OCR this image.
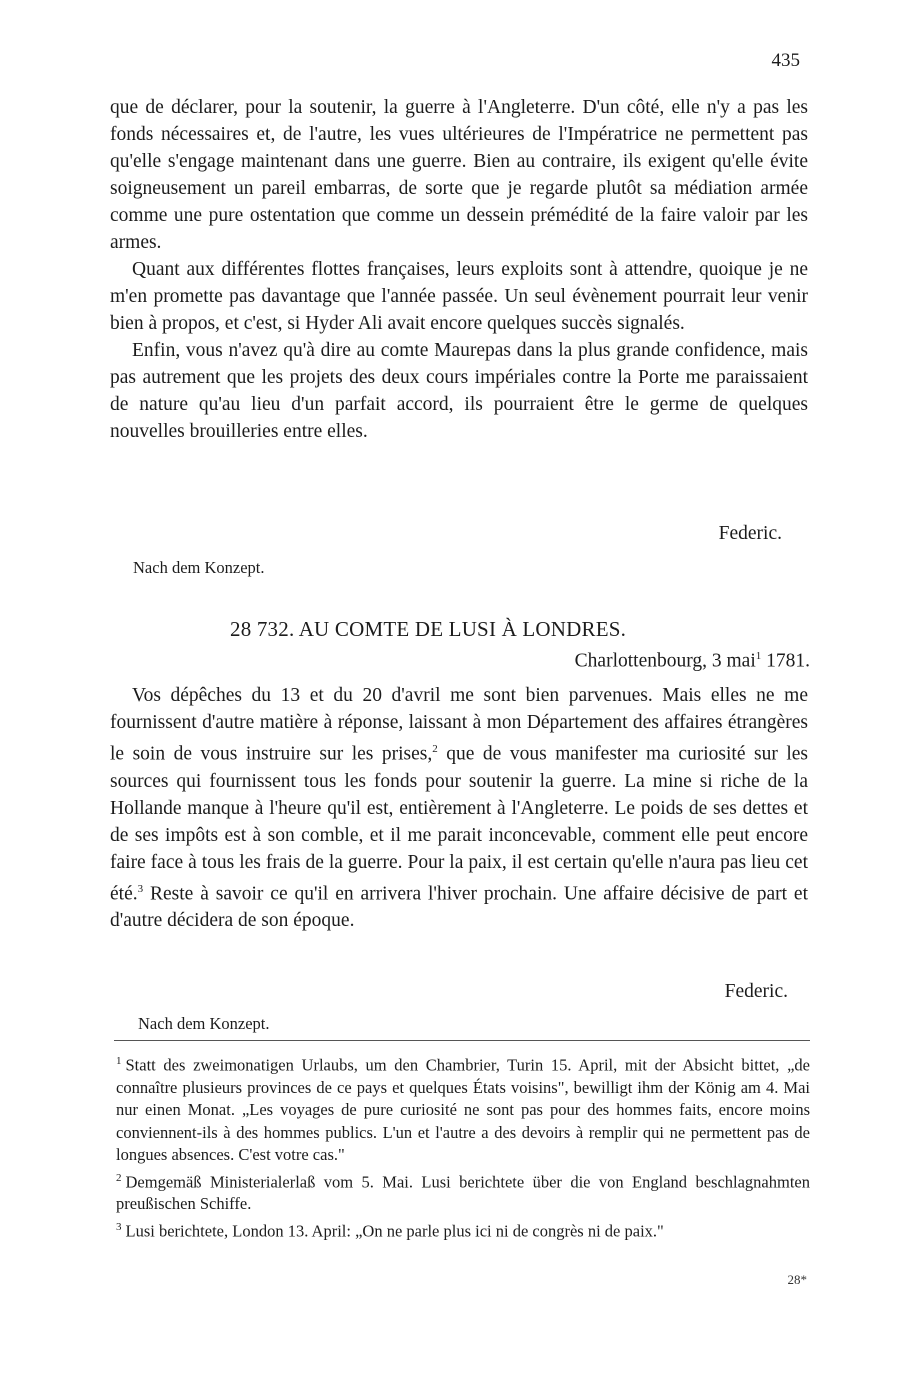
435

que de déclarer, pour la soutenir, la guerre à l'Angleterre. D'un côté, elle n'y a pas les fonds nécessaires et, de l'autre, les vues ultérieures de l'Impératrice ne permettent pas qu'elle s'engage maintenant dans une guerre. Bien au contraire, ils exigent qu'elle évite soigneusement un pareil embarras, de sorte que je regarde plutôt sa médiation armée comme une pure ostentation que comme un dessein prémédité de la faire valoir par les armes.

Quant aux différentes flottes françaises, leurs exploits sont à attendre, quoique je ne m'en promette pas davantage que l'année passée. Un seul évènement pourrait leur venir bien à propos, et c'est, si Hyder Ali avait encore quelques succès signalés.

Enfin, vous n'avez qu'à dire au comte Maurepas dans la plus grande confidence, mais pas autrement que les projets des deux cours impériales contre la Porte me paraissaient de nature qu'au lieu d'un parfait accord, ils pourraient être le germe de quelques nouvelles brouilleries entre elles.

Federic.
Nach dem Konzept.
28 732. AU COMTE DE LUSI À LONDRES.
Charlottenbourg, 3 mai$^1$ 1781.

Vos dépêches du 13 et du 20 d'avril me sont bien parvenues. Mais elles ne me fournissent d'autre matière à réponse, laissant à mon Département des affaires étrangères le soin de vous instruire sur les prises,$^2$ que de vous manifester ma curiosité sur les sources qui fournissent tous les fonds pour soutenir la guerre. La mine si riche de la Hollande manque à l'heure qu'il est, entièrement à l'Angleterre. Le poids de ses dettes et de ses impôts est à son comble, et il me parait inconcevable, comment elle peut encore faire face à tous les frais de la guerre. Pour la paix, il est certain qu'elle n'aura pas lieu cet été.$^3$ Reste à savoir ce qu'il en arrivera l'hiver prochain. Une affaire décisive de part et d'autre décidera de son époque.

Federic.
Nach dem Konzept.

$^1$ Statt des zweimonatigen Urlaubs, um den Chambrier, Turin 15. April, mit der Absicht bittet, „de connaître plusieurs provinces de ce pays et quelques États voisins", bewilligt ihm der König am 4. Mai nur einen Monat. „Les voyages de pure curiosité ne sont pas pour des hommes faits, encore moins conviennent-ils à des hommes publics. L'un et l'autre a des devoirs à remplir qui ne permettent pas de longues absences. C'est votre cas."

$^2$ Demgemäß Ministerialerlaß vom 5. Mai. Lusi berichtete über die von England beschlagnahmten preußischen Schiffe.

$^3$ Lusi berichtete, London 13. April: „On ne parle plus ici ni de congrès ni de paix."

28*
